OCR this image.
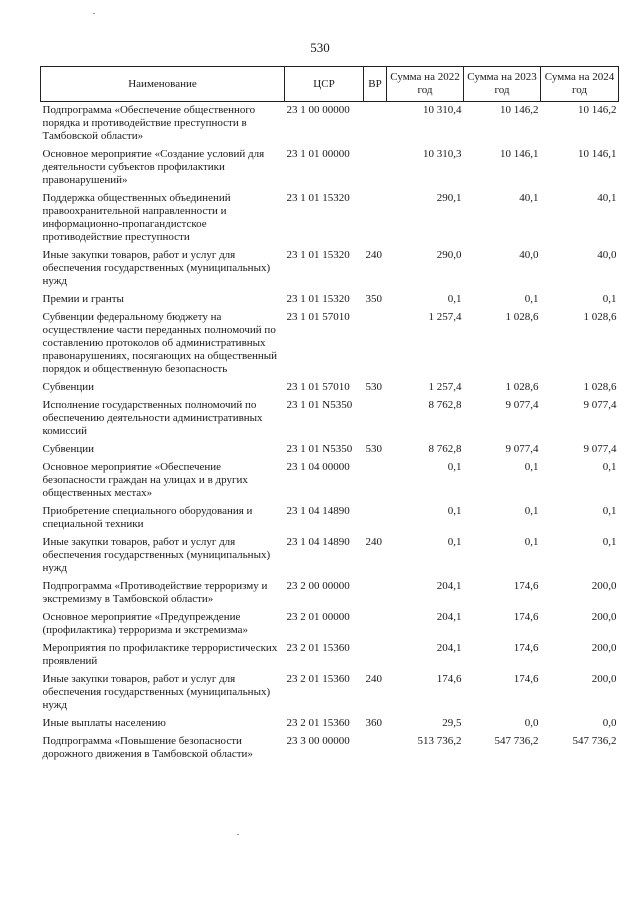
530
Наименование	ЦСР	ВР	Сумма на 2022 год	Сумма на 2023 год	Сумма на 2024 год
Подпрограмма «Обеспечение общественного порядка и противодействие преступности в Тамбовской области»	23 1 00 00000		10 310,4	10 146,2	10 146,2
Основное мероприятие «Создание условий для деятельности субъектов профилактики правонарушений»	23 1 01 00000		10 310,3	10 146,1	10 146,1
Поддержка общественных объединений правоохранительной направленности и информационно-пропагандистское противодействие преступности	23 1 01 15320		290,1	40,1	40,1
Иные закупки товаров, работ и услуг для обеспечения государственных (муниципальных) нужд	23 1 01 15320	240	290,0	40,0	40,0
Премии и гранты	23 1 01 15320	350	0,1	0,1	0,1
Субвенции федеральному бюджету на осуществление части переданных полномочий по составлению протоколов об административных правонарушениях, посягающих на общественный порядок и общественную безопасность	23 1 01 57010		1 257,4	1 028,6	1 028,6
Субвенции	23 1 01 57010	530	1 257,4	1 028,6	1 028,6
Исполнение государственных полномочий по обеспечению деятельности административных комиссий	23 1 01 N5350		8 762,8	9 077,4	9 077,4
Субвенции	23 1 01 N5350	530	8 762,8	9 077,4	9 077,4
Основное мероприятие «Обеспечение безопасности граждан на улицах и в других общественных местах»	23 1 04 00000		0,1	0,1	0,1
Приобретение специального оборудования и специальной техники	23 1 04 14890		0,1	0,1	0,1
Иные закупки товаров, работ и услуг для обеспечения государственных (муниципальных) нужд	23 1 04 14890	240	0,1	0,1	0,1
Подпрограмма «Противодействие терроризму и экстремизму в Тамбовской области»	23 2 00 00000		204,1	174,6	200,0
Основное мероприятие «Предупреждение (профилактика) терроризма и экстремизма»	23 2 01 00000		204,1	174,6	200,0
Мероприятия по профилактике террористических проявлений	23 2 01 15360		204,1	174,6	200,0
Иные закупки товаров, работ и услуг для обеспечения государственных (муниципальных) нужд	23 2 01 15360	240	174,6	174,6	200,0
Иные выплаты населению	23 2 01 15360	360	29,5	0,0	0,0
Подпрограмма «Повышение безопасности дорожного движения в Тамбовской области»	23 3 00 00000		513 736,2	547 736,2	547 736,2
